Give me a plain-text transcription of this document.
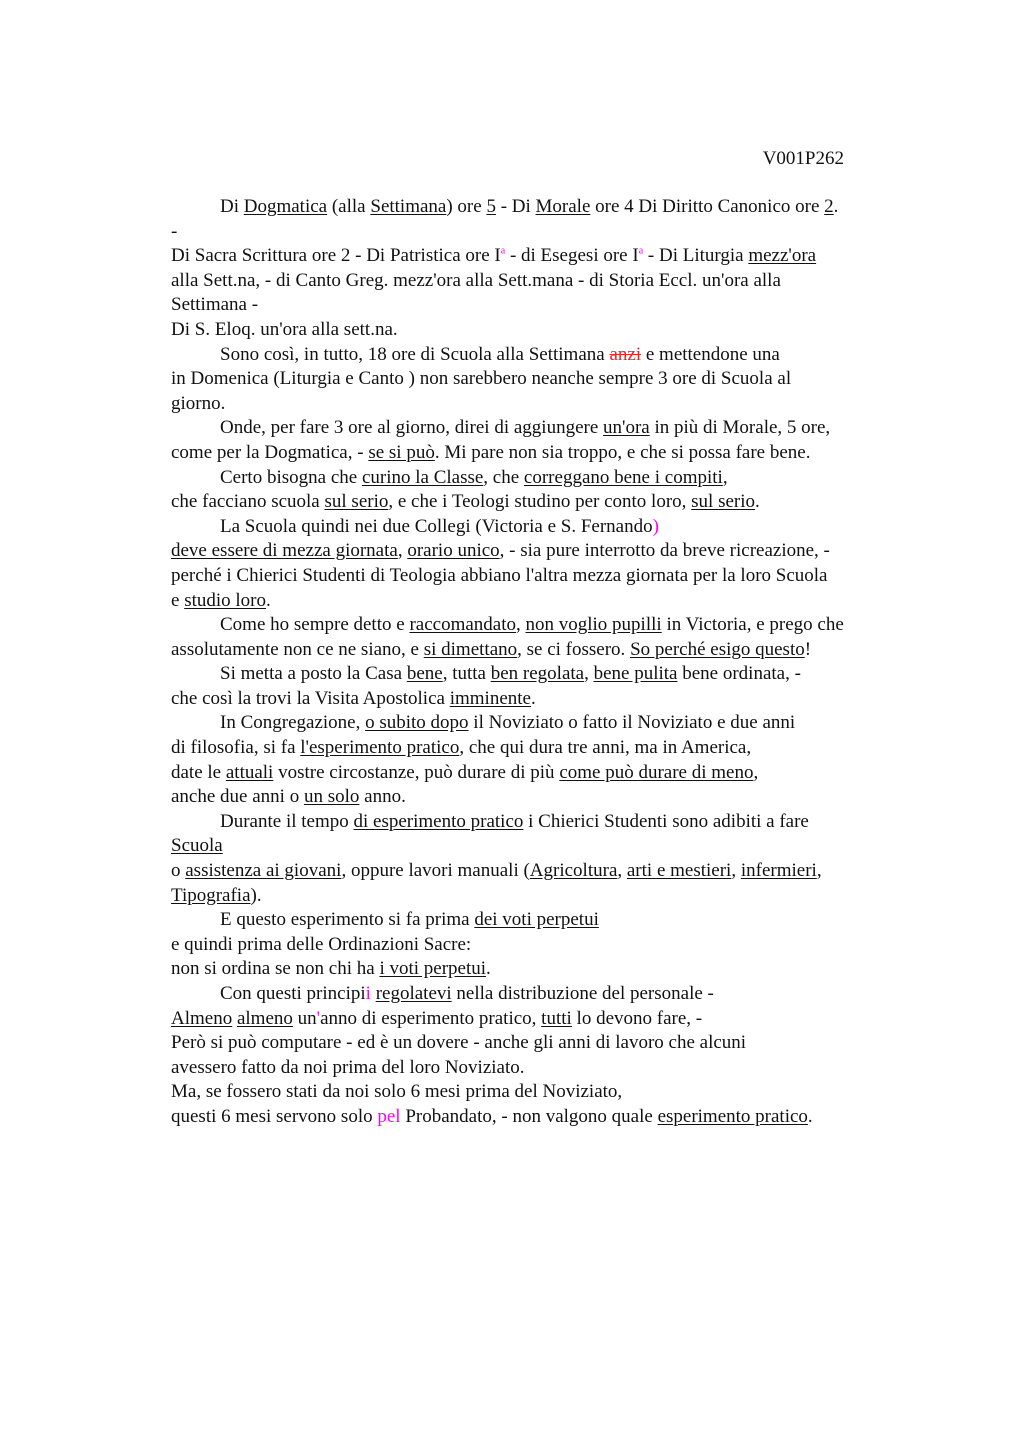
V001P262
Di Dogmatica (alla Settimana) ore 5 - Di Morale ore 4 Di Diritto Canonico ore 2.
-
Di Sacra Scrittura ore 2 - Di Patristica ore $I^a$ - di Esegesi ore $I^a$ - Di Liturgia mezz'ora
alla Sett.na, - di Canto Greg. mezz'ora alla Sett.mana - di Storia Eccl. un'ora alla
Settimana -
Di S. Eloq. un'ora alla sett.na.
Sono così, in tutto, 18 ore di Scuola alla Settimana anzi e mettendone una
in Domenica (Liturgia e Canto ) non sarebbero neanche sempre 3 ore di Scuola al
giorno.
Onde, per fare 3 ore al giorno, direi di aggiungere un'ora in più di Morale, 5 ore,
come per la Dogmatica, - se si può. Mi pare non sia troppo, e che si possa fare bene.
Certo bisogna che curino la Classe, che correggano bene i compiti,
che facciano scuola sul serio, e che i Teologi studino per conto loro, sul serio.
La Scuola quindi nei due Collegi (Victoria e S. Fernando)
deve essere di mezza giornata, orario unico, - sia pure interrotto da breve ricreazione, -
perché i Chierici Studenti di Teologia abbiano l'altra mezza giornata per la loro Scuola
e studio loro.
Come ho sempre detto e raccomandato, non voglio pupilli in Victoria, e prego che
assolutamente non ce ne siano, e si dimettano, se ci fossero. So perché esigo questo!
Si metta a posto la Casa bene, tutta ben regolata, bene pulita bene ordinata, -
che così la trovi la Visita Apostolica imminente.
In Congregazione, o subito dopo il Noviziato o fatto il Noviziato e due anni
di filosofia, si fa l'esperimento pratico, che qui dura tre anni, ma in America,
date le attuali vostre circostanze, può durare di più come può durare di meno,
anche due anni o un solo anno.
Durante il tempo di esperimento pratico i Chierici Studenti sono adibiti a fare
Scuola
o assistenza ai giovani, oppure lavori manuali (Agricoltura, arti e mestieri, infermieri,
Tipografia).
E questo esperimento si fa prima dei voti perpetui
e quindi prima delle Ordinazioni Sacre:
non si ordina se non chi ha i voti perpetui.
Con questi principii regolatevi nella distribuzione del personale -
Almeno almeno un'anno di esperimento pratico, tutti lo devono fare, -
Però si può computare - ed è un dovere - anche gli anni di lavoro che alcuni
avessero fatto da noi prima del loro Noviziato.
Ma, se fossero stati da noi solo 6 mesi prima del Noviziato,
questi 6 mesi servono solo pel Probandato, - non valgono quale esperimento pratico.
